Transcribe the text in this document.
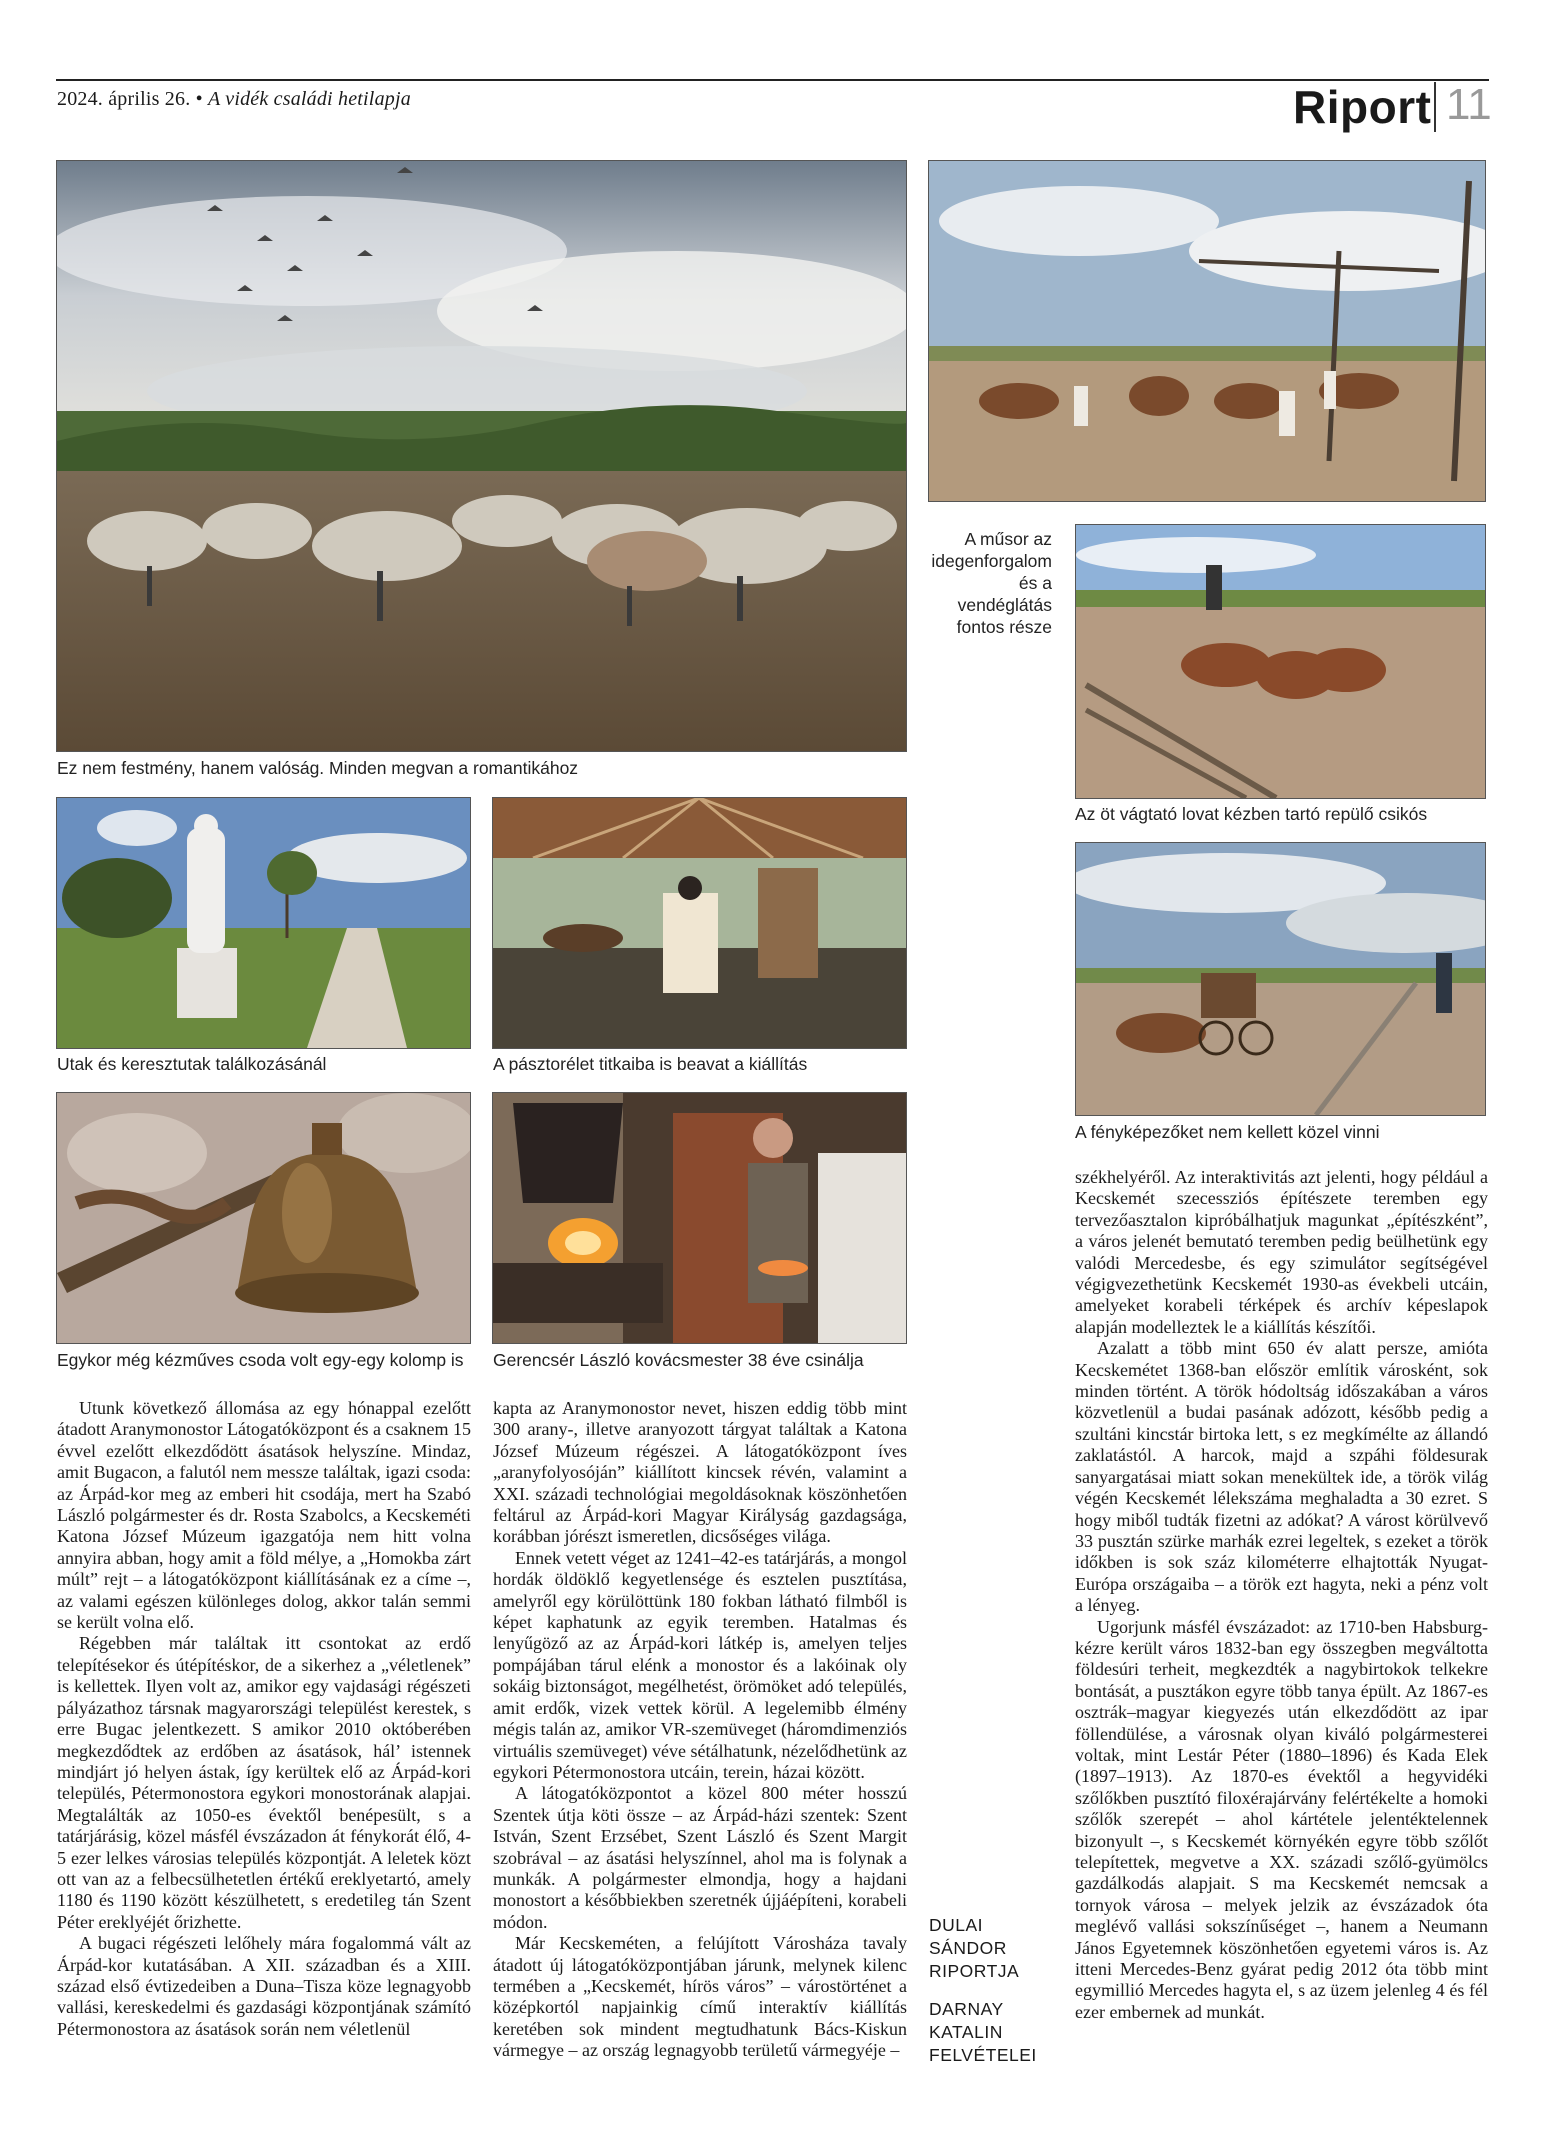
2024. április 26. • A vidék családi hetilapja	Riport 11
Ez nem festmény, hanem valóság. Minden megvan a romantikához
A műsor az idegenforgalom és a vendéglátás fontos része
Az öt vágtató lovat kézben tartó repülő csikós
Utak és keresztutak találkozásánál	A pásztorélet titkaiba is beavat a kiállítás
A fényképezőket nem kellett közel vinni
Egykor még kézműves csoda volt egy-egy kolomp is Gerencsér László kovácsmester 38 éve csinálja

Utunk következő állomása az egy hónappal ezelőtt átadott Aranymonostor Látogatóközpont és a csaknem 15 évvel ezelőtt elkezdődött ásatások helyszíne. Mindaz, amit Bugacon, a falutól nem messze találtak, igazi csoda: az Árpád-kor meg az emberi hit csodája, mert ha Szabó László polgármester és dr. Rosta Szabolcs, a Kecskeméti Katona József Múzeum igazgatója nem hitt volna annyira abban, hogy amit a föld mélye, a „Homokba zárt múlt” rejt – a látogatóközpont kiállításának ez a címe –, az valami egészen különleges dolog, akkor talán semmi se került volna elő.

Régebben már találtak itt csontokat az erdő telepítésekor és útépítéskor, de a sikerhez a „véletlenek” is kellettek. Ilyen volt az, amikor egy vajdasági régészeti pályázathoz társnak magyarországi települést kerestek, s erre Bugac jelentkezett. S amikor 2010 októberében megkezdődtek az erdőben az ásatások, hál’ istennek mindjárt jó helyen ástak, így kerültek elő az Árpád-kori település, Pétermonostora egykori monostorának alapjai. Megtalálták az 1050-es évektől benépesült, s a tatárjárásig, közel másfél évszázadon át fénykorát élő, 4-5 ezer lelkes városias település központját. A leletek közt ott van az a felbecsülhetetlen értékű ereklyetartó, amely 1180 és 1190 között készülhetett, s eredetileg tán Szent Péter ereklyéjét őrizhette.

A bugaci régészeti lelőhely mára fogalommá vált az Árpád-kor kutatásában. A XII. században és a XIII. század első évtizedeiben a Duna–Tisza köze legnagyobb vallási, kereskedelmi és gazdasági központjának számító Pétermonostora az ásatások során nem véletlenül

kapta az Aranymonostor nevet, hiszen eddig több mint 300 arany-, illetve aranyozott tárgyat találtak a Katona József Múzeum régészei. A látogatóközpont íves „aranyfolyosóján” kiállított kincsek révén, valamint a XXI. századi technológiai megoldásoknak köszönhetően feltárul az Árpád-kori Magyar Királyság gazdagsága, korábban jórészt ismeretlen, dicsőséges világa.

Ennek vetett véget az 1241–42-es tatárjárás, a mongol hordák öldöklő kegyetlensége és esztelen pusztítása, amelyről egy körülöttünk 180 fokban látható filmből is képet kaphatunk az egyik teremben. Hatalmas és lenyűgöző az az Árpád-kori látkép is, amelyen teljes pompájában tárul elénk a monostor és a lakóinak oly sokáig biztonságot, megélhetést, örömöket adó település, amit erdők, vizek vettek körül. A legelemibb élmény mégis talán az, amikor VR-szemüveget (háromdimenziós virtuális szemüveget) véve sétálhatunk, nézelődhetünk az egykori Pétermonostora utcáin, terein, házai között.

A látogatóközpontot a közel 800 méter hosszú Szentek útja köti össze – az Árpád-házi szentek: Szent István, Szent Erzsébet, Szent László és Szent Margit szobrával – az ásatási helyszínnel, ahol ma is folynak a munkák. A polgármester elmondja, hogy a hajdani monostort a későbbiekben szeretnék újjáépíteni, korabeli módon.

Már Kecskeméten, a felújított Városháza tavaly átadott új látogatóközpontjában járunk, melynek kilenc termében a „Kecskemét, hírös város” – várostörténet a középkortól napjainkig című interaktív kiállítás keretében sok mindent megtudhatunk Bács-Kiskun vármegye – az ország legnagyobb területű vármegyéje –

székhelyéről. Az interaktivitás azt jelenti, hogy például a Kecskemét szecessziós építészete teremben egy tervezőasztalon kipróbálhatjuk magunkat „építészként”, a város jelenét bemutató teremben pedig beülhetünk egy valódi Mercedesbe, és egy szimulátor segítségével végigvezethetünk Kecskemét 1930-as évekbeli utcáin, amelyeket korabeli térképek és archív képeslapok alapján modelleztek le a kiállítás készítői.

Azalatt a több mint 650 év alatt persze, amióta Kecskemétet 1368-ban először említik városként, sok minden történt. A török hódoltság időszakában a város közvetlenül a budai pasának adózott, később pedig a szultáni kincstár birtoka lett, s ez megkímélte az állandó zaklatástól. A harcok, majd a szpáhi földesurak sanyargatásai miatt sokan menekültek ide, a török világ végén Kecskemét lélekszáma meghaladta a 30 ezret. S hogy miből tudták fizetni az adókat? A várost körülvevő 33 pusztán szürke marhák ezrei legeltek, s ezeket a török időkben is sok száz kilométerre elhajtották Nyugat-Európa országaiba – a török ezt hagyta, neki a pénz volt a lényeg.

Ugorjunk másfél évszázadot: az 1710-ben Habsburg-kézre került város 1832-ban egy összegben megváltotta földesúri terheit, megkezdték a nagybirtokok telkekre bontását, a pusztákon egyre több tanya épült. Az 1867-es osztrák–magyar kiegyezés után elkezdődött az ipar föllendülése, a városnak olyan kiváló polgármesterei voltak, mint Lestár Péter (1880–1896) és Kada Elek (1897–1913). Az 1870-es évektől a hegyvidéki szőlőkben pusztító filoxérajárvány felértékelte a homoki szőlők szerepét – ahol kártétele jelentéktelennek bizonyult –, s Kecskemét környékén egyre több szőlőt telepítettek, megvetve a XX. századi szőlő-gyümölcs gazdálkodás alapjait. S ma Kecskemét nemcsak a tornyok városa – melyek jelzik az évszázadok óta meglévő vallási sokszínűséget –, hanem a Neumann János Egyetemnek köszönhetően egyetemi város is. Az itteni Mercedes-Benz gyárat pedig 2012 óta több mint egymillió Mercedes hagyta el, s az üzem jelenleg 4 és fél ezer embernek ad munkát.

DULAI
SÁNDOR
RIPORTJA
DARNAY
KATALIN
FELVÉTELEI
